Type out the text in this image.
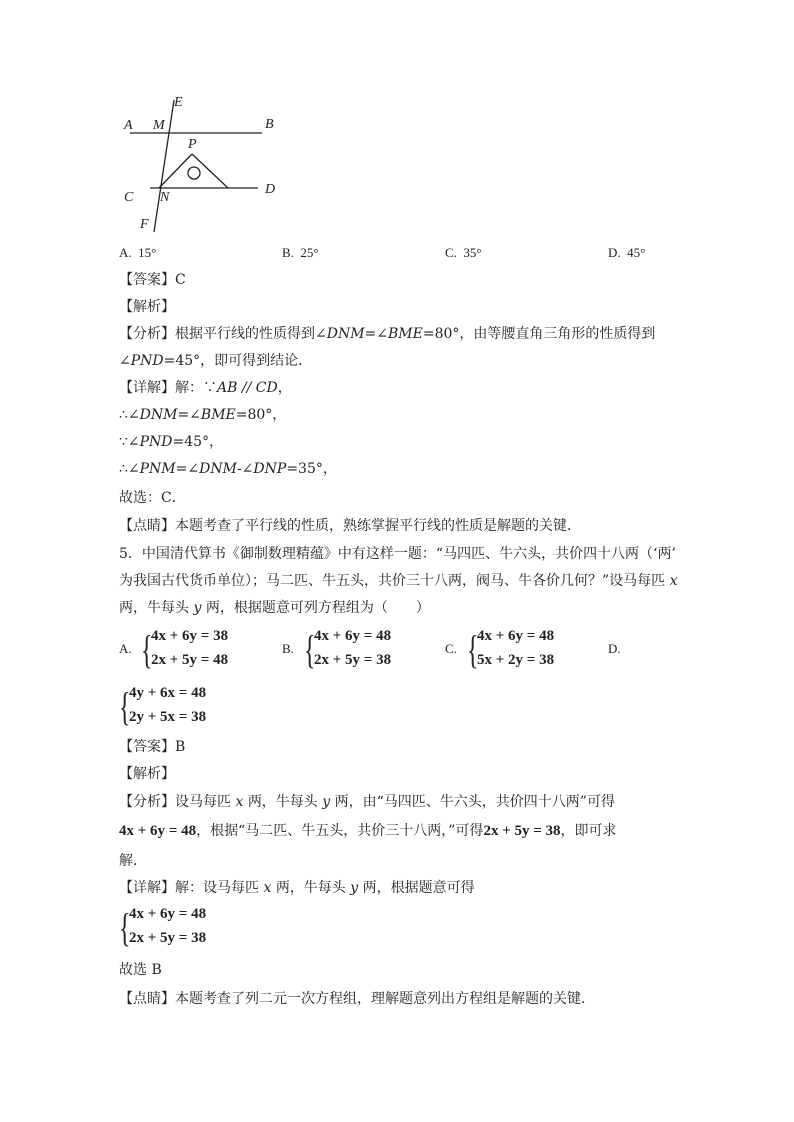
A M
E
B
P
C N
D
F
A. 15°	B. 25°	C. 35°	D. 45°
【答案】C
【解析】
【分析】根据平行线的性质得到∠DNM=∠BME=80°，由等腰直角三角形的性质得到
∠PND=45°，即可得到结论．
【详解】解：∵AB // CD，
∴∠DNM=∠BME=80°，
∵∠PND=45°，
∴∠PNM=∠DNM-∠DNP=35°，
故选：C．
【点睛】本题考查了平行线的性质，熟练掌握平行线的性质是解题的关键．
5．中国清代算书《御制数理精蕴》中有这样一题：“马四匹、牛六头，共价四十八两（‘两’
为我国古代货币单位）；马二匹、牛五头，共价三十八两，阀马、牛各价几何？”设马每匹 x
两，牛每头 y 两，根据题意可列方程组为（　　）
A. {
4x + 6y = 38
2x + 5y = 48
B. {
4x + 6y = 48
2x + 5y = 38
C. {
4x + 6y = 48
5x + 2y = 38
D.
{
4y + 6x = 48
2y + 5x = 38
【答案】B
【解析】
【分析】设马每匹 x 两，牛每头 y 两，由“马四匹、牛六头，共价四十八两”可得
4x + 6y = 48，根据“马二匹、牛五头，共价三十八两，”可得2x + 5y = 38，即可求
解．
【详解】解：设马每匹 x 两，牛每头 y 两，根据题意可得
{
4x + 6y = 48
2x + 5y = 38
故选 B
【点睛】本题考查了列二元一次方程组，理解题意列出方程组是解题的关键．
